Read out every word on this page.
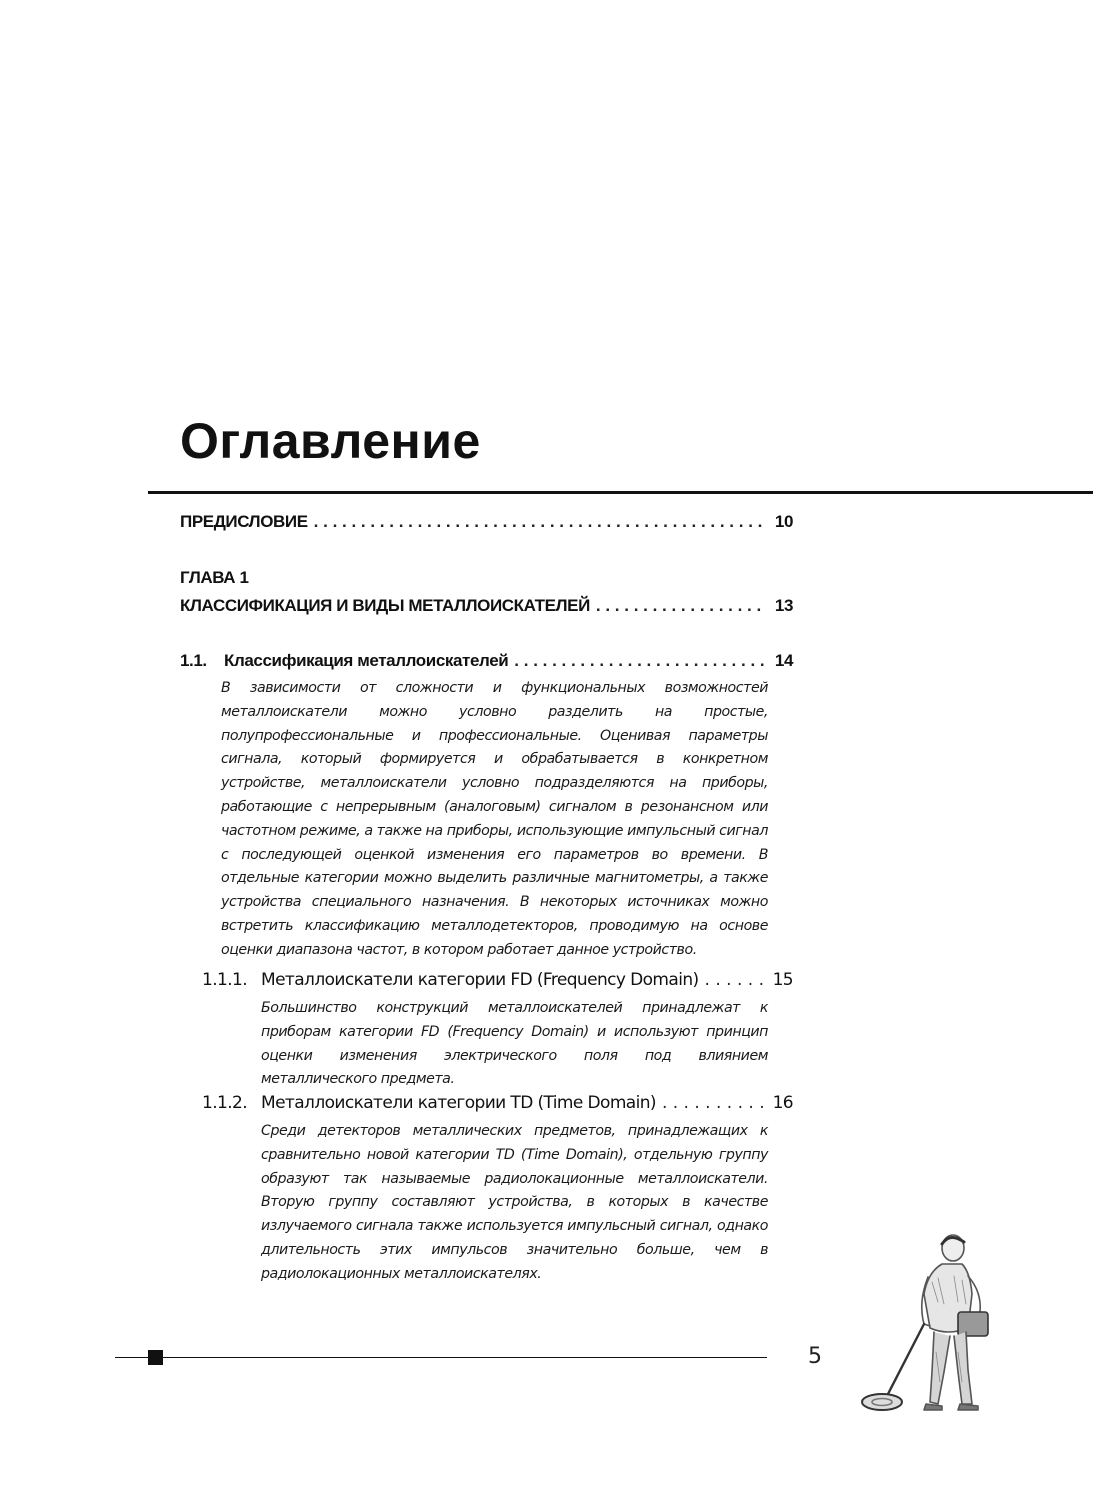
Оглавление
ПРЕДИСЛОВИЕ . . .	10
ГЛАВА 1
КЛАССИФИКАЦИЯ И ВИДЫ МЕТАЛЛОИСКАТЕЛЕЙ . . .	13
1.1. Классификация металлоискателей . . .	14

В зависимости от сложности и функциональных возможностей металлоискатели можно условно разделить на простые, полупрофессиональные и профессиональные. Оценивая параметры сигнала, который формируется и обрабатывается в конкретном устройстве, металлоискатели условно подразделяются на приборы, работающие с непрерывным (аналоговым) сигналом в резонансном или частотном режиме, а также на приборы, использующие импульсный сигнал с последующей оценкой изменения его параметров во времени. В отдельные категории можно выделить различные магнитометры, а также устройства специального назначения. В некоторых источниках можно встретить классификацию металлодетекторов, проводимую на основе оценки диапазона частот, в котором работает данное устройство.

1.1.1. Металлоискатели категории FD (Frequency Domain) . . .	15

Большинство конструкций металлоискателей принадлежат к приборам категории FD (Frequency Domain) и используют принцип оценки изменения электрического поля под влиянием металлического предмета.

1.1.2. Металлоискатели категории TD (Time Domain) . . .	16

Среди детекторов металлических предметов, принадлежащих к сравнительно новой категории TD (Time Domain), отдельную группу образуют так называемые радиолокационные металлоискатели. Вторую группу составляют устройства, в которых в качестве излучаемого сигнала также используется импульсный сигнал, однако длительность этих импульсов значительно больше, чем в радиолокационных металлоискателях.

5
